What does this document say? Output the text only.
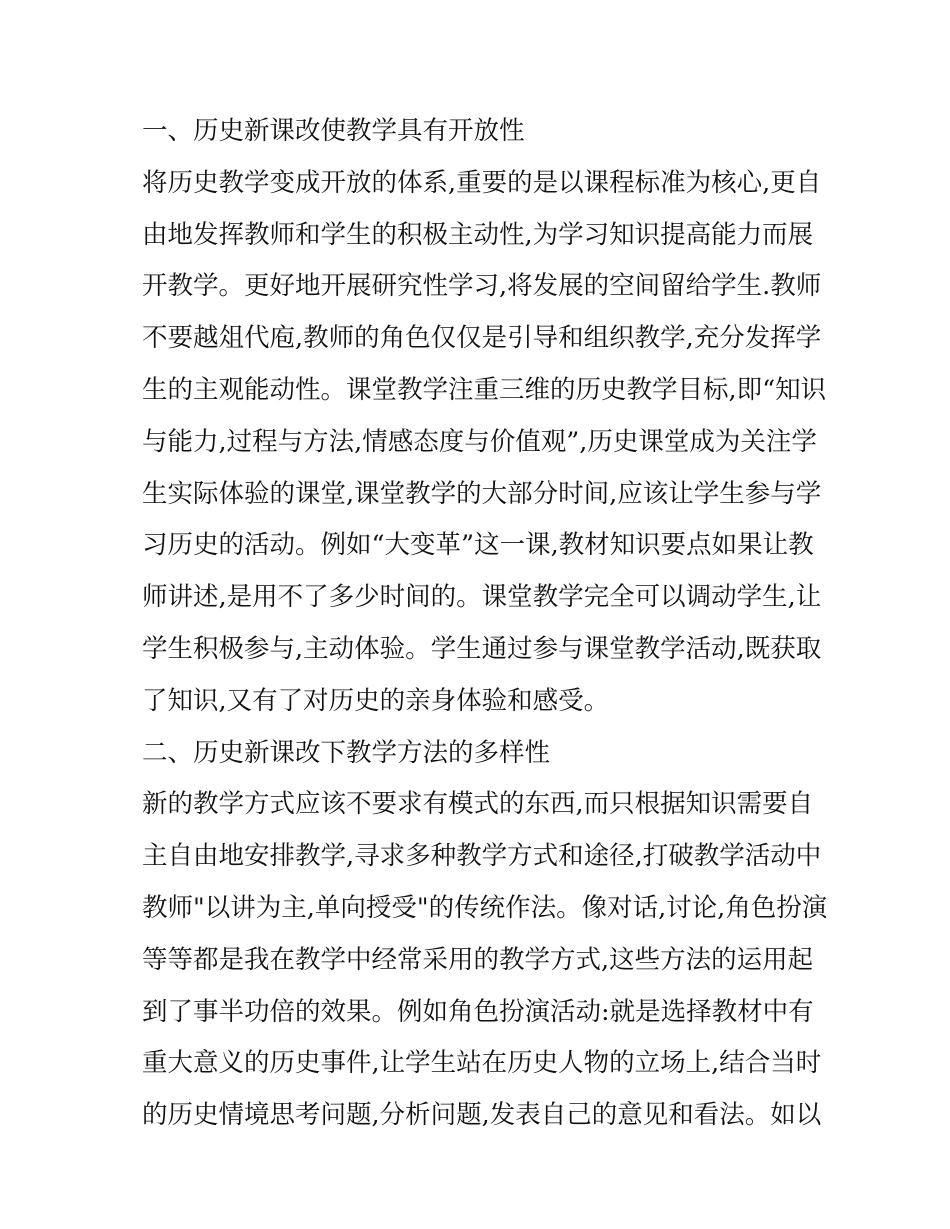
一、历史新课改使教学具有开放性
将历史教学变成开放的体系,重要的是以课程标准为核心,更自
由地发挥教师和学生的积极主动性,为学习知识提高能力而展
开教学。更好地开展研究性学习,将发展的空间留给学生.教师
不要越俎代庖,教师的角色仅仅是引导和组织教学,充分发挥学
生的主观能动性。课堂教学注重三维的历史教学目标,即“知识
与能力,过程与方法,情感态度与价值观”,历史课堂成为关注学
生实际体验的课堂,课堂教学的大部分时间,应该让学生参与学
习历史的活动。例如“大变革”这一课,教材知识要点如果让教
师讲述,是用不了多少时间的。课堂教学完全可以调动学生,让
学生积极参与,主动体验。学生通过参与课堂教学活动,既获取
了知识,又有了对历史的亲身体验和感受。
二、历史新课改下教学方法的多样性
新的教学方式应该不要求有模式的东西,而只根据知识需要自
主自由地安排教学,寻求多种教学方式和途径,打破教学活动中
教师"以讲为主,单向授受"的传统作法。像对话,讨论,角色扮演
等等都是我在教学中经常采用的教学方式,这些方法的运用起
到了事半功倍的效果。例如角色扮演活动:就是选择教材中有
重大意义的历史事件,让学生站在历史人物的立场上,结合当时
的历史情境思考问题,分析问题,发表自己的意见和看法。如以
